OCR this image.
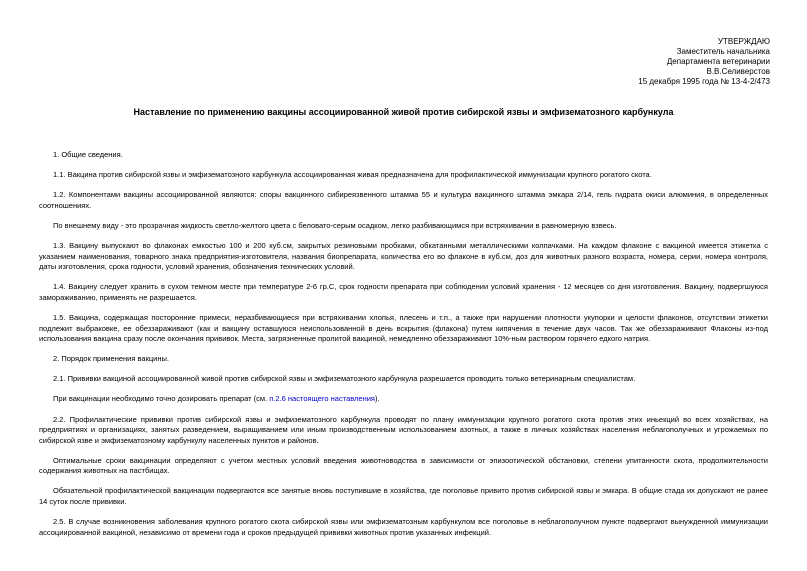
УТВЕРЖДАЮ
Заместитель начальника
Департамента ветеринарии
В.В.Селиверстов
15 декабря 1995 года № 13-4-2/473
Наставление по применению вакцины ассоциированной живой против сибирской язвы и эмфизематозного карбункула

1. Общие сведения.

1.1. Вакцина против сибирской язвы и эмфизематозного карбункула ассоциированная живая предназначена для профилактической иммунизации крупного рогатого скота.

1.2. Компонентами вакцины ассоциированной являются: споры вакцинного сибиреязвенного штамма 55 и культура вакцинного штамма эмкара 2/14, гель гидрата окиси алюминия, в определенных соотношениях.

По внешнему виду - это прозрачная жидкость светло-желтого цвета с беловато-серым осадком, легко разбивающимся при встряхивании в равномерную взвесь.

1.3. Вакцину выпускают во флаконах емкостью 100 и 200 куб.см, закрытых резиновыми пробками, обкатанными металлическими колпачками. На каждом флаконе с вакциной имеется этикетка с указанием наименования, товарного знака предприятия-изготовителя, названия биопрепарата, количества его во флаконе в куб.см, доз для животных разного возраста, номера, серии, номера контроля, даты изготовления, срока годности, условий хранения, обозначения технических условий.

1.4. Вакцину следует хранить в сухом темном месте при температуре 2-6 гр.С, срок годности препарата при соблюдении условий хранения - 12 месяцев со дня изготовления. Вакцину, подвергшуюся замораживанию, применять не разрешается.

1.5. Вакцина, содержащая посторонние примеси, неразбивающиеся при встряхивании хлопья, плесень и т.п., а также при нарушении плотности укупорки и целости флаконов, отсутствии этикетки подлежит выбраковке, ее обеззараживают (как и вакцину оставшуюся неиспользованной в день вскрытия (флакона) путем кипячения в течение двух часов. Так же обеззараживают Флаконы из-под использования вакцина сразу после окончания прививок. Места, загрязненные пролитой вакциной, немедленно обеззараживают 10%-ным раствором горячего едкого натрия.

2. Порядок применения вакцины.

2.1. Прививки вакциной ассоциированной живой против сибирской язвы и эмфизематозного карбункула разрешается проводить только ветеринарным специалистам.

При вакцинации необходимо точно дозировать препарат (см. п.2.6 настоящего наставления).

2.2. Профилактические прививки против сибирской язвы и эмфизематозного карбункула проводят по плану иммунизации крупного рогатого скота против этих иньекций во всех хозяйствах, на предприятиях и организациях, занятых разведением, выращиванием или иным производственным использованием азотных, а также в личных хозяйствах населения неблагополучных и угрожаемых по сибирской язве и эмфизематозному карбункулу населенных пунктов и районов.

Оптимальные сроки вакцинации определяют с учетом местных условий введения животноводства в зависимости от эпизоотической обстановки, степени упитанности скота, продолжительности содержания животных на пастбищах.

Обязательной профилактической вакцинации подвергаются все занятые вновь поступившие в хозяйства, где поголовье привито против сибирской язвы и эмкара. В общие стада их допускают не ранее 14 суток после прививки.

2.5. В случае возникновения заболевания крупного рогатого скота сибирской язвы или эмфизематозным карбункулом все поголовье в неблагополучном пункте подвергают вынужденной иммунизации ассоциированной вакциной, независимо от времени года и сроков предыдущей прививки животных против указанных инфекций.
